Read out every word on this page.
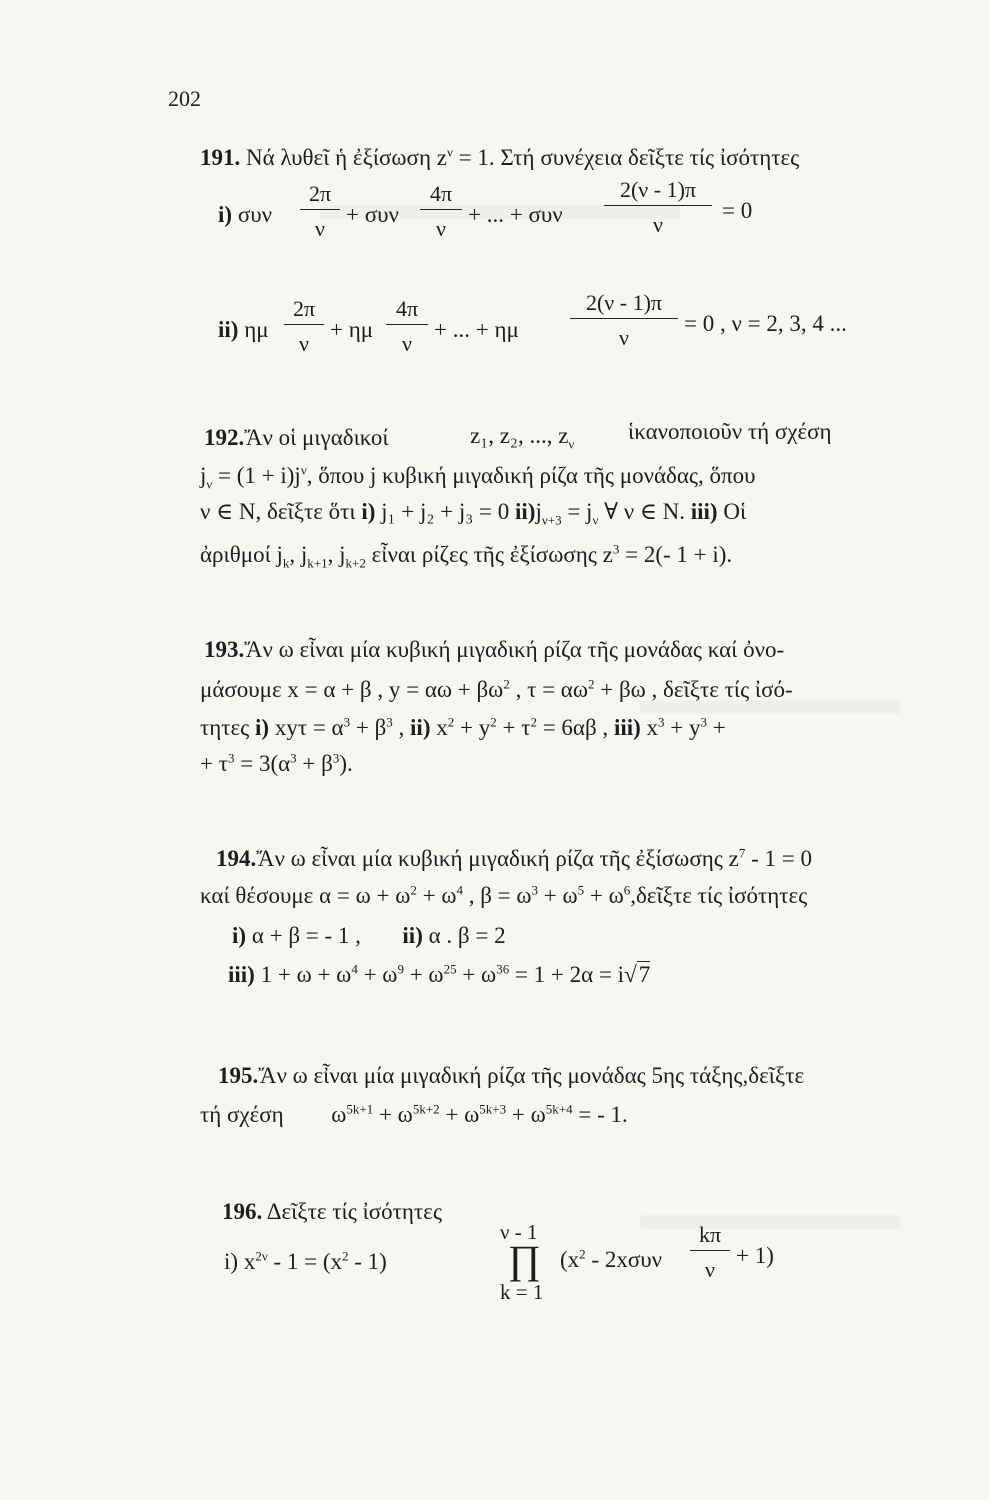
202
191. Νά λυθεῖ ἡ ἐξίσωση $z^\nu = 1$. Στή συνέχεια δεῖξτε τίς ἰσότητες
i) συν
2π
ν
+ συν
4π
ν
+ ... + συν
2(ν - 1)π
ν
= 0
ii) ημ
2π
ν
+ ημ
4π
ν
+ ... + ημ
2(ν - 1)π
ν
= 0 , ν = 2, 3, 4 ...
192.Ἄν οἱ μιγαδικοί	z₁, z₂, ..., $z_\nu$
ἱκανοποιοῦν τή σχέση
$j_\nu = (1 + i)j^\nu$, ὅπου j κυβική μιγαδική ρίζα τῆς μονάδας, ὅπου
ν ∈ N, δεῖξτε ὅτι i) j₁ + j₂ + j₃ = 0 $ii)j_{\nu+3} = j_\nu$ ∀ ν ∈ N. iii) Οἱ
ἀριθμοί $j_k$, $j_{k+1}$, $j_{k+2}$ εἶναι ρίζες τῆς ἐξίσωσης $z^3 = 2(-$ 1 + i).
193.Ἄν ω εἶναι μία κυβική μιγαδική ρίζα τῆς μονάδας καί ὀνο-
μάσουμε x = α + β , $y = \alpha\omega + \beta\omega^2$ , $\tau = \alpha\omega^2 + \beta\omega$ , δεῖξτε τίς ἰσό-
τητες i) $xy\tau = \alpha^3 + \beta^3$ , ii) $x^2 + y^2 + \tau^2 = 6\alpha\beta$ , iii) $x^3 + y^3$ +
+ $\tau^3 = 3(\alpha^3 + \beta^3)$.
194.Ἄν ω εἶναι μία κυβική μιγαδική ρίζα τῆς ἐξίσωσης $z^7 - 1 = 0$
καί θέσουμε $\alpha = \omega + \omega^2 + \omega^4$ , $\beta = \omega^3 + \omega^5$ + $\omega^6,\delta\varepsilon ῖ\xi\tau\varepsilon$ τίς ἰσότητες
i) α + β = - 1 , ii) α . β = 2
iii) $1 + \omega + \omega^4 + \omega^9 + \omega^{25} + \omega^{36} = 1 + 2\alpha = i√7$
195.Ἄν ω εἶναι μία μιγαδική ρίζα τῆς μονάδας 5ης τάξης,δεῖξτε
τή σχέση $\omega^{5k+1} + \omega^{5k+2} + \omega^{5k+3} + \omega^{5k+4}$ = - 1.
196. Δεῖξτε τίς ἰσότητες
i) $x^{2\nu} - 1 = (x^2 - 1)$
ν - 1
∏
k = 1
($x^2 - 2x\sigma\upsilon\nu$
kπ
ν
+ 1)
